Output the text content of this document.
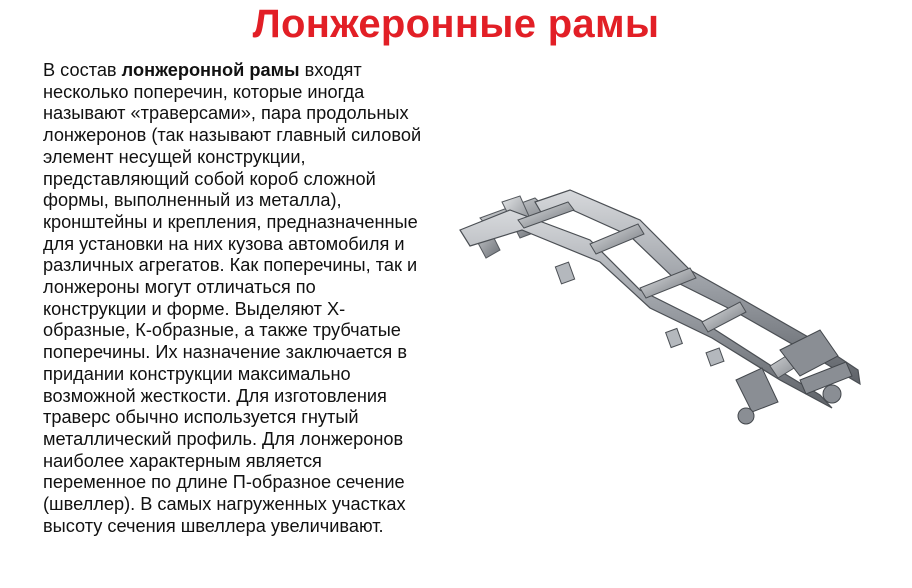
Лонжеронные рамы
В состав лонжеронной рамы входят несколько поперечин, которые иногда называют «траверсами», пара продольных лонжеронов (так называют главный силовой элемент несущей конструкции, представляющий собой короб сложной формы, выполненный из металла), кронштейны и крепления, предназначенные для установки на них кузова автомобиля и различных агрегатов. Как поперечины, так и лонжероны могут отличаться по конструкции и форме. Выделяют X-образные, К-образные, а также трубчатые поперечины. Их назначение заключается в придании конструкции максимально возможной жесткости. Для изготовления траверс обычно используется гнутый металлический профиль. Для лонжеронов наиболее характерным является переменное по длине П-образное сечение (швеллер). В самых нагруженных участках высоту сечения швеллера увеличивают.
